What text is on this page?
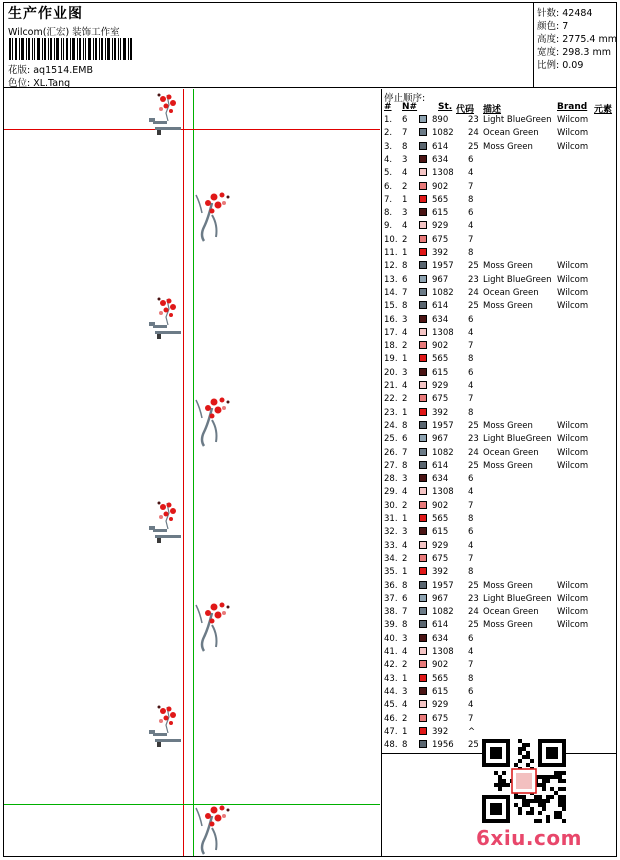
生产作业图
Wilcom(汇宏) 装饰工作室
花版: aq1514.EMB
色位: XL.Tang
针数: 42484
颜色: 7
高度: 2775.4 mm
宽度: 298.3 mm
比例: 0.09
停止顺序:
# N# St. 代码 描述	Brand 元素
1. 6	890 23 Light BlueGreen Wilcom
2. 7	1082 24 Ocean Green Wilcom
3. 8	614 25 Moss Green	Wilcom
4. 3	634 6
5. 4	1308 4
6. 2	902 7
7. 1	565 8
8. 3	615 6
9. 4	929 4
10. 2	675 7
11. 1	392 8
12. 8	1957 25 Moss Green	Wilcom
13. 6	967 23 Light BlueGreen Wilcom
14. 7	1082 24 Ocean Green Wilcom
15. 8	614 25 Moss Green	Wilcom
16. 3	634 6
17. 4	1308 4
18. 2	902 7
19. 1	565 8
20. 3	615 6
21. 4	929 4
22. 2	675 7
23. 1	392 8
24. 8	1957 25 Moss Green	Wilcom
25. 6	967 23 Light BlueGreen Wilcom
26. 7	1082 24 Ocean Green Wilcom
27. 8	614 25 Moss Green	Wilcom
28. 3	634 6
29. 4	1308 4
30. 2	902 7
31. 1	565 8
32. 3	615 6
33. 4	929 4
34. 2	675 7
35. 1	392 8
36. 8	1957 25 Moss Green	Wilcom
37. 6	967 23 Light BlueGreen Wilcom
38. 7	1082 24 Ocean Green Wilcom
39. 8	614 25 Moss Green	Wilcom
40. 3	634 6
41. 4	1308 4
42. 2	902 7
43. 1	565 8
44. 3	615 6
45. 4	929 4
46. 2	675 7
47. 1	392 ^
48. 8	1956 25
6xiu.com
